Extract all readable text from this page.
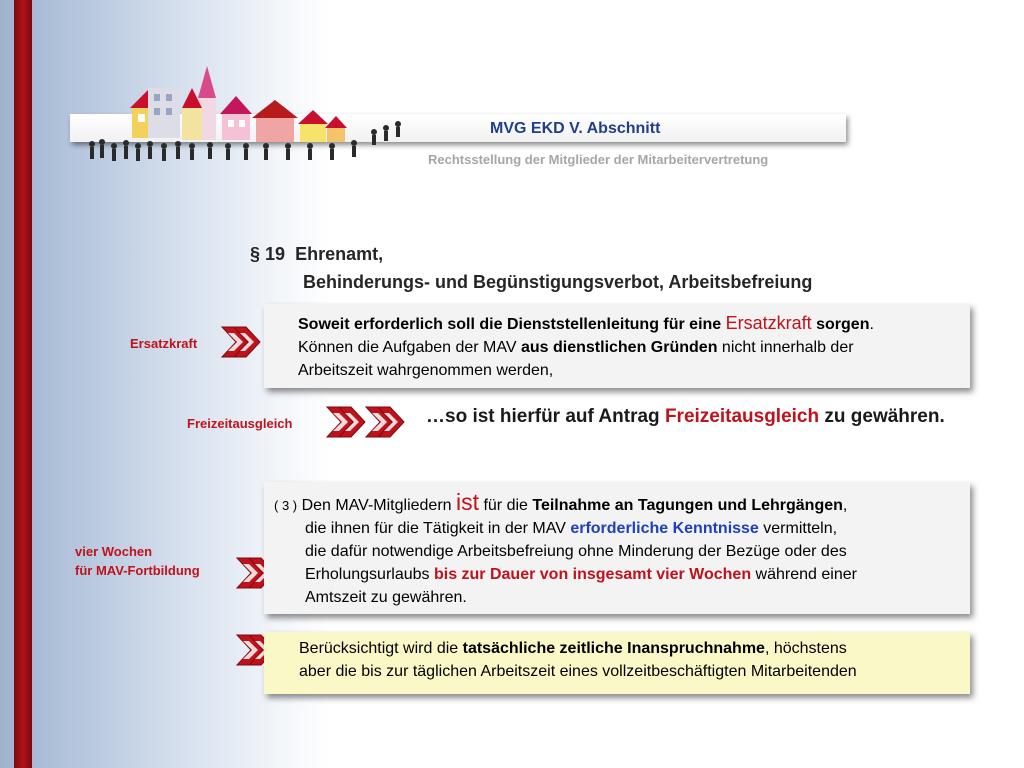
MVG EKD V. Abschnitt
Rechtsstellung der Mitglieder der Mitarbeitervertretung
§ 19 Ehrenamt,
Behinderungs- und Begünstigungsverbot, Arbeitsbefreiung
Ersatzkraft
Freizeitausgleich
vier Wochen
für MAV-Fortbildung
Soweit erforderlich soll die Dienststellenleitung für eine Ersatzkraft sorgen.
Können die Aufgaben der MAV aus dienstlichen Gründen nicht innerhalb der
Arbeitszeit wahrgenommen werden,
…so ist hierfür auf Antrag Freizeitausgleich zu gewähren.
( 3 ) Den MAV-Mitgliedern ist für die Teilnahme an Tagungen und Lehrgängen,
die ihnen für die Tätigkeit in der MAV erforderliche Kenntnisse vermitteln,
die dafür notwendige Arbeitsbefreiung ohne Minderung der Bezüge oder des
Erholungsurlaubs bis zur Dauer von insgesamt vier Wochen während einer
Amtszeit zu gewähren.
Berücksichtigt wird die tatsächliche zeitliche Inanspruchnahme, höchstens
aber die bis zur täglichen Arbeitszeit eines vollzeitbeschäftigten Mitarbeitenden
